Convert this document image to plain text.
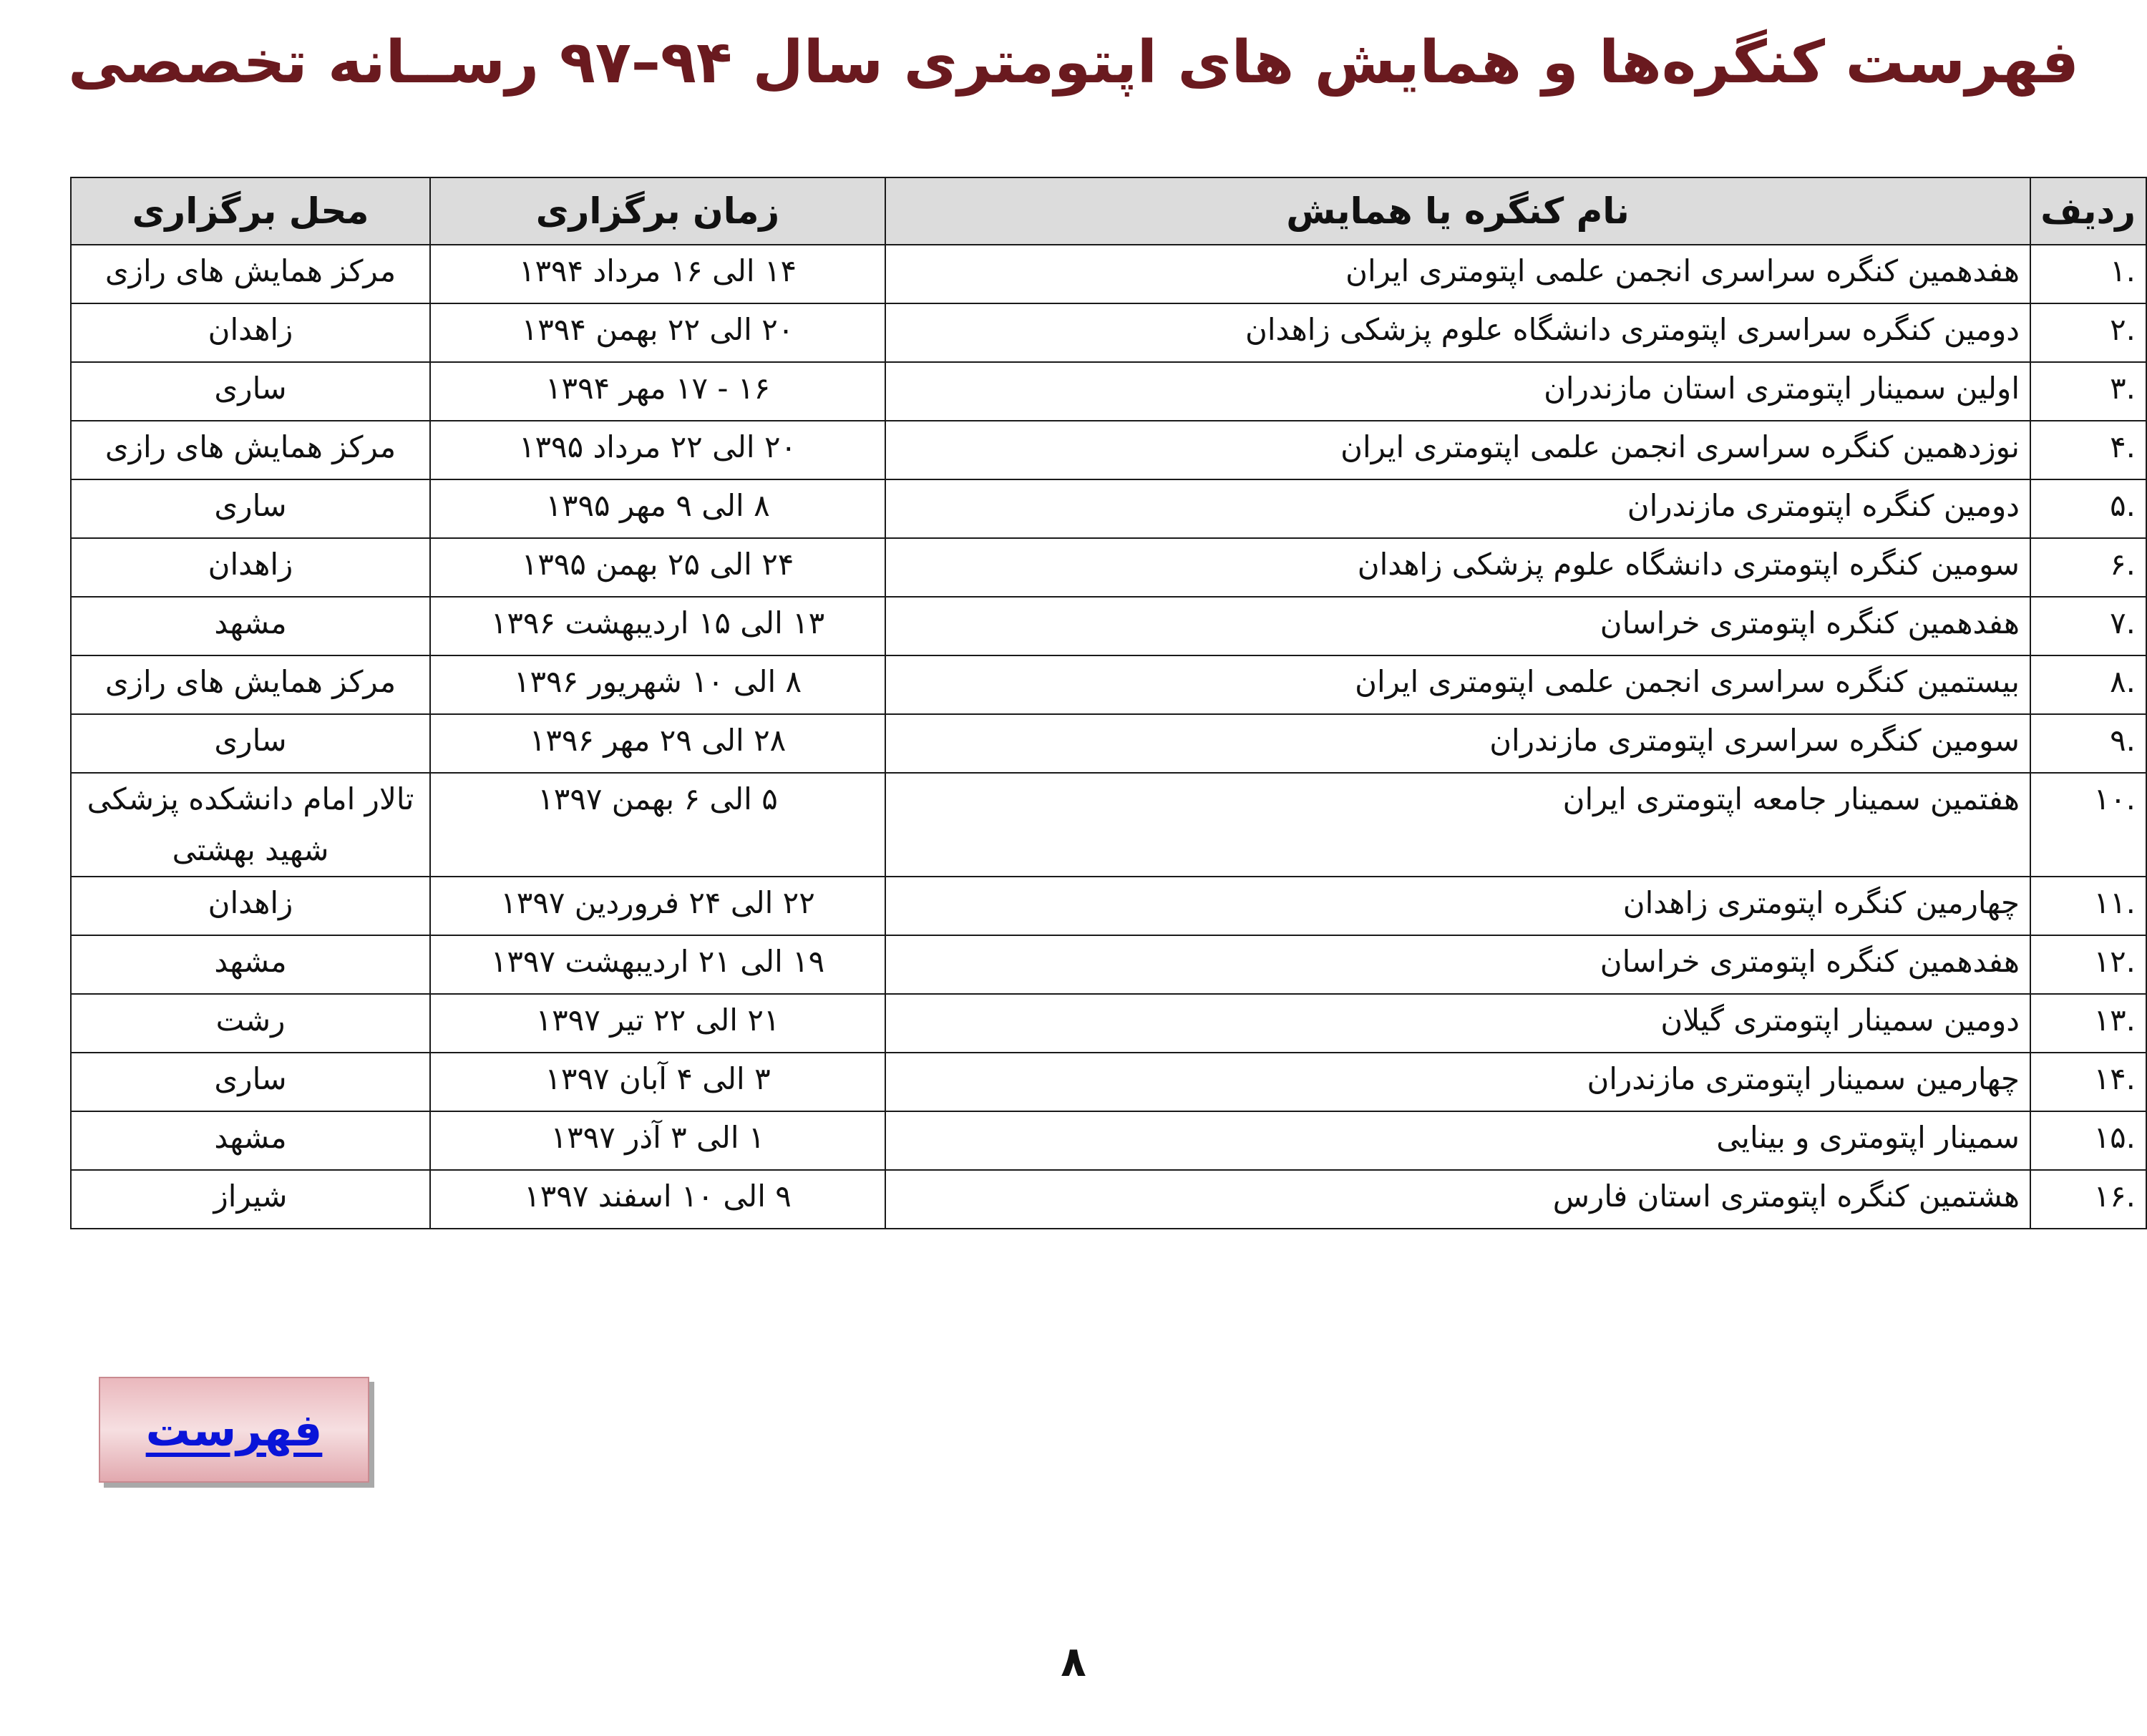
فهرست کنگره‌ها و همایش های اپتومتری سال ۹۴–۹۷ رســانه تخصصی
ردیف	نام کنگره یا همایش	زمان برگزاری	محل برگزاری
.۱	هفدهمین کنگره سراسری انجمن علمی اپتومتری ایران	۱۴ الی ۱۶ مرداد ۱۳۹۴	مرکز همایش های رازی
.۲	دومین کنگره سراسری اپتومتری دانشگاه علوم پزشکی زاهدان	۲۰ الی ۲۲ بهمن ۱۳۹۴	زاهدان
.۳	اولین سمینار اپتومتری استان مازندران	۱۶ - ۱۷ مهر ۱۳۹۴	ساری
.۴	نوزدهمین کنگره سراسری انجمن علمی اپتومتری ایران	۲۰ الی ۲۲ مرداد ۱۳۹۵	مرکز همایش های رازی
.۵	دومین کنگره اپتومتری مازندران	۸ الی ۹ مهر ۱۳۹۵	ساری
.۶	سومین کنگره اپتومتری دانشگاه علوم پزشکی زاهدان	۲۴ الی ۲۵ بهمن ۱۳۹۵	زاهدان
.۷	هفدهمین کنگره اپتومتری خراسان	۱۳ الی ۱۵ اردیبهشت ۱۳۹۶	مشهد
.۸	بیستمین کنگره سراسری انجمن علمی اپتومتری ایران	۸ الی ۱۰ شهریور ۱۳۹۶	مرکز همایش های رازی
.۹	سومین کنگره سراسری اپتومتری مازندران	۲۸ الی ۲۹ مهر ۱۳۹۶	ساری
.۱۰	هفتمین سمینار جامعه اپتومتری ایران	۵ الی ۶ بهمن ۱۳۹۷	تالار امام دانشکده پزشکی شهید بهشتی
.۱۱	چهارمین کنگره اپتومتری زاهدان	۲۲ الی ۲۴ فروردین ۱۳۹۷	زاهدان
.۱۲	هفدهمین کنگره اپتومتری خراسان	۱۹ الی ۲۱ اردیبهشت ۱۳۹۷	مشهد
.۱۳	دومین سمینار اپتومتری گیلان	۲۱ الی ۲۲ تیر ۱۳۹۷	رشت
.۱۴	چهارمین سمینار اپتومتری مازندران	۳ الی ۴ آبان ۱۳۹۷	ساری
.۱۵	سمینار اپتومتری و بینایی	۱ الی ۳ آذر ۱۳۹۷	مشهد
.۱۶	هشتمین کنگره اپتومتری استان فارس	۹ الی ۱۰ اسفند ۱۳۹۷	شیراز
فهرست
۸
